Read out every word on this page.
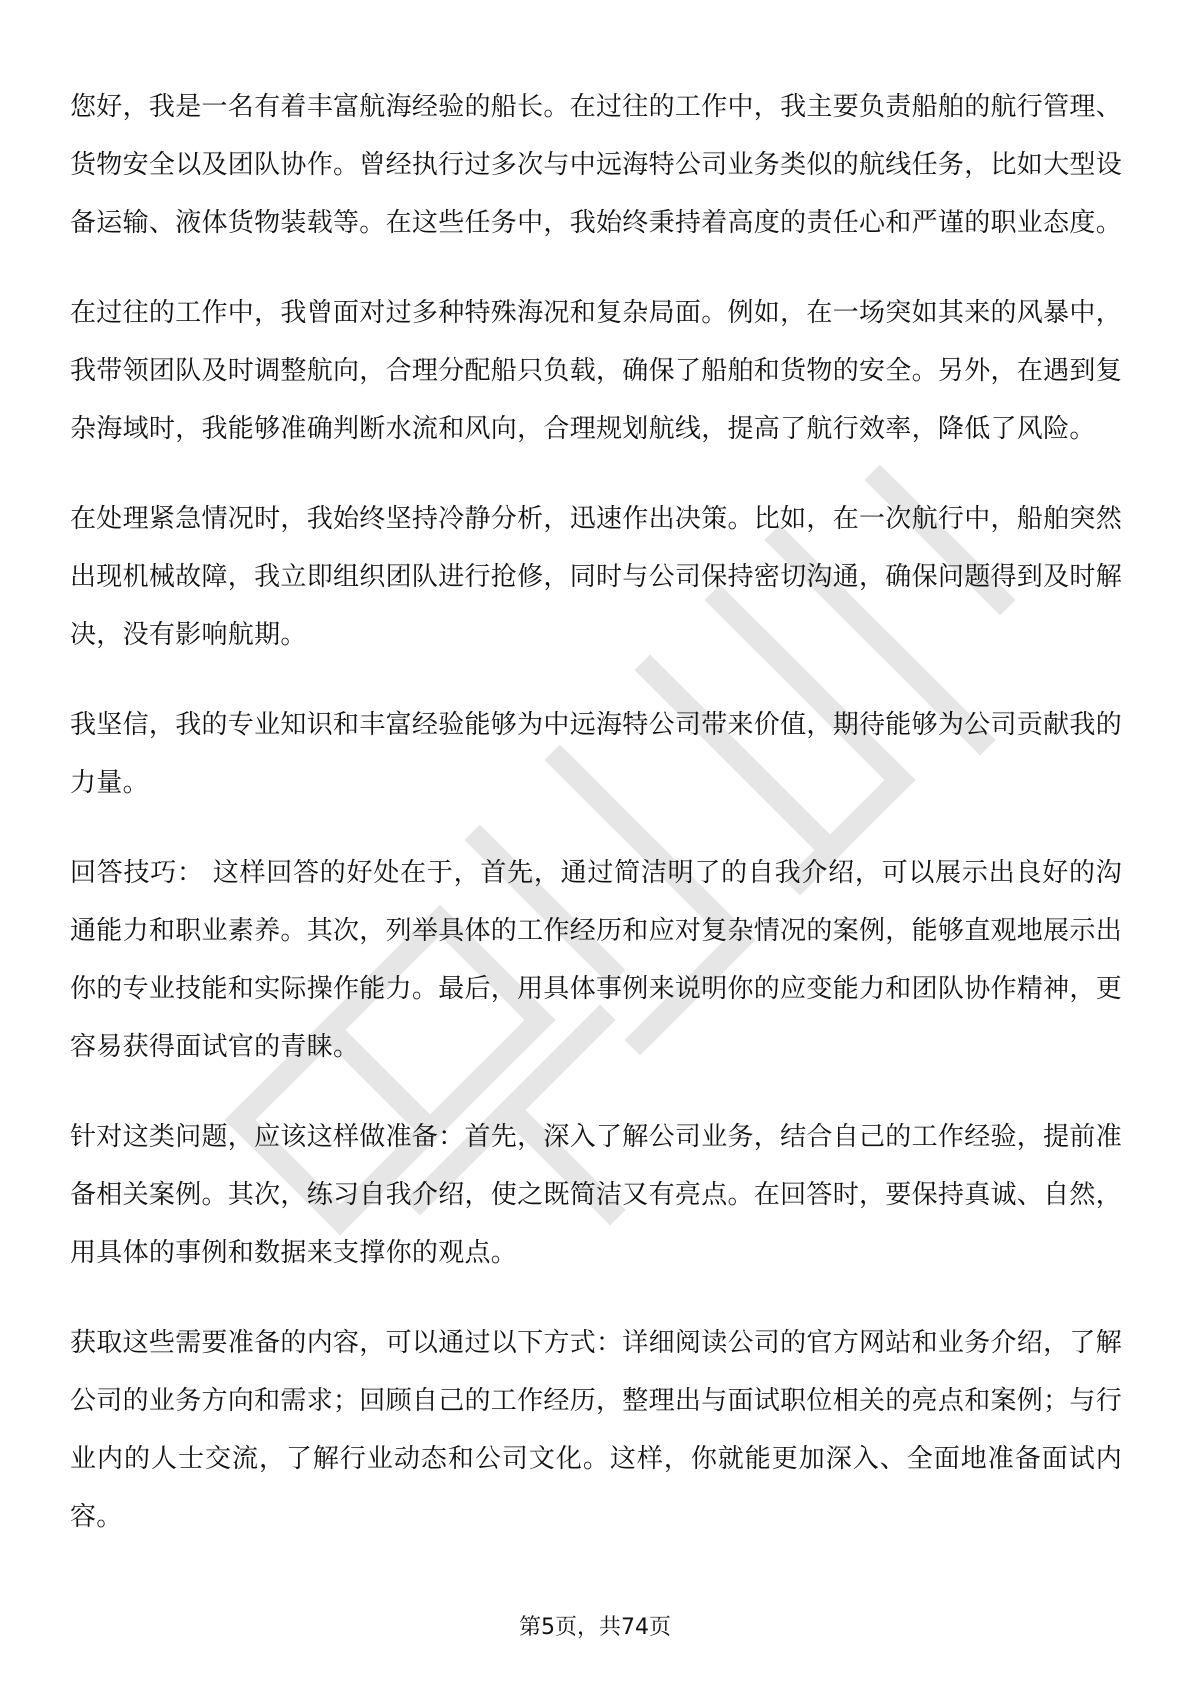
您好，我是一名有着丰富航海经验的船长。在过往的工作中，我主要负责船舶的航行管理、货物安全以及团队协作。曾经执行过多次与中远海特公司业务类似的航线任务，比如大型设备运输、液体货物装载等。在这些任务中，我始终秉持着高度的责任心和严谨的职业态度。

在过往的工作中，我曾面对过多种特殊海况和复杂局面。例如，在一场突如其来的风暴中，我带领团队及时调整航向，合理分配船只负载，确保了船舶和货物的安全。另外，在遇到复杂海域时，我能够准确判断水流和风向，合理规划航线，提高了航行效率，降低了风险。

在处理紧急情况时，我始终坚持冷静分析，迅速作出决策。比如，在一次航行中，船舶突然出现机械故障，我立即组织团队进行抢修，同时与公司保持密切沟通，确保问题得到及时解决，没有影响航期。

我坚信，我的专业知识和丰富经验能够为中远海特公司带来价值，期待能够为公司贡献我的力量。

回答技巧： 这样回答的好处在于，首先，通过简洁明了的自我介绍，可以展示出良好的沟通能力和职业素养。其次，列举具体的工作经历和应对复杂情况的案例，能够直观地展示出你的专业技能和实际操作能力。最后，用具体事例来说明你的应变能力和团队协作精神，更容易获得面试官的青睐。

针对这类问题，应该这样做准备：首先，深入了解公司业务，结合自己的工作经验，提前准备相关案例。其次，练习自我介绍，使之既简洁又有亮点。在回答时，要保持真诚、自然，用具体的事例和数据来支撑你的观点。

获取这些需要准备的内容，可以通过以下方式：详细阅读公司的官方网站和业务介绍，了解公司的业务方向和需求；回顾自己的工作经历，整理出与面试职位相关的亮点和案例；与行业内的人士交流，了解行业动态和公司文化。这样，你就能更加深入、全面地准备面试内容。

第5页，共74页
